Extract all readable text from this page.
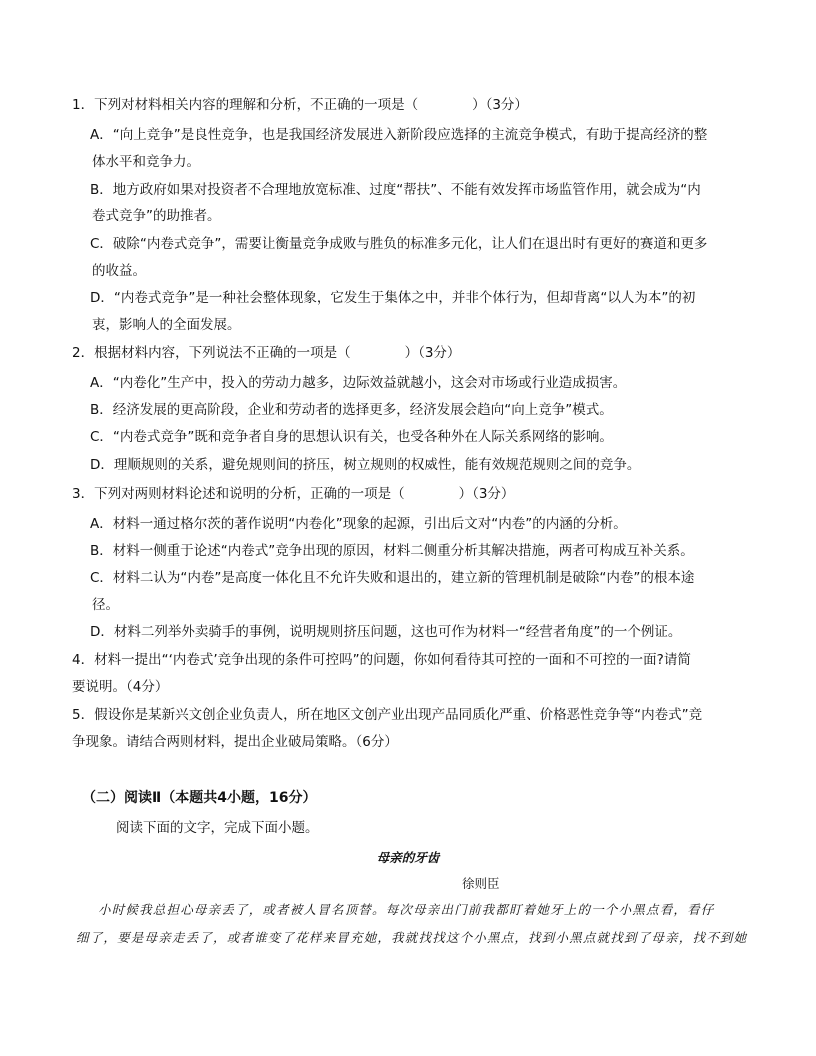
1．下列对材料相关内容的理解和分析，不正确的一项是（　　　　）（3分）
A．“向上竞争”是良性竞争，也是我国经济发展进入新阶段应选择的主流竞争模式，有助于提高经济的整
体水平和竞争力。
B．地方政府如果对投资者不合理地放宽标准、过度“帮扶”、不能有效发挥市场监管作用，就会成为“内
卷式竞争”的助推者。
C．破除“内卷式竞争”，需要让衡量竞争成败与胜负的标准多元化，让人们在退出时有更好的赛道和更多
的收益。
D．“内卷式竞争”是一种社会整体现象，它发生于集体之中，并非个体行为，但却背离“以人为本”的初
衷，影响人的全面发展。
2．根据材料内容，下列说法不正确的一项是（　　　　）（3分）
A．“内卷化”生产中，投入的劳动力越多，边际效益就越小，这会对市场或行业造成损害。
B．经济发展的更高阶段，企业和劳动者的选择更多，经济发展会趋向“向上竞争”模式。
C．“内卷式竞争”既和竞争者自身的思想认识有关，也受各种外在人际关系网络的影响。
D．理顺规则的关系，避免规则间的挤压，树立规则的权威性，能有效规范规则之间的竞争。
3．下列对两则材料论述和说明的分析，正确的一项是（　　　　）（3分）
A．材料一通过格尔茨的著作说明“内卷化”现象的起源，引出后文对“内卷”的内涵的分析。
B．材料一侧重于论述“内卷式”竞争出现的原因，材料二侧重分析其解决措施，两者可构成互补关系。
C．材料二认为“内卷”是高度一体化且不允许失败和退出的，建立新的管理机制是破除“内卷”的根本途
径。
D．材料二列举外卖骑手的事例，说明规则挤压问题，这也可作为材料一“经营者角度”的一个例证。
4．材料一提出“‘内卷式’竞争出现的条件可控吗”的问题，你如何看待其可控的一面和不可控的一面?请简
要说明。（4分）
5．假设你是某新兴文创企业负责人，所在地区文创产业出现产品同质化严重、价格恶性竞争等“内卷式”竞
争现象。请结合两则材料，提出企业破局策略。（6分）
（二）阅读Ⅱ（本题共4小题，16分）
阅读下面的文字，完成下面小题。
母亲的牙齿
徐则臣
小时候我总担心母亲丢了，或者被人冒名顶替。每次母亲出门前我都盯着她牙上的一个小黑点看，看仔
细了，要是母亲走丢了，或者谁变了花样来冒充她，我就找找这个小黑点，找到小黑点就找到了母亲，找不到她
